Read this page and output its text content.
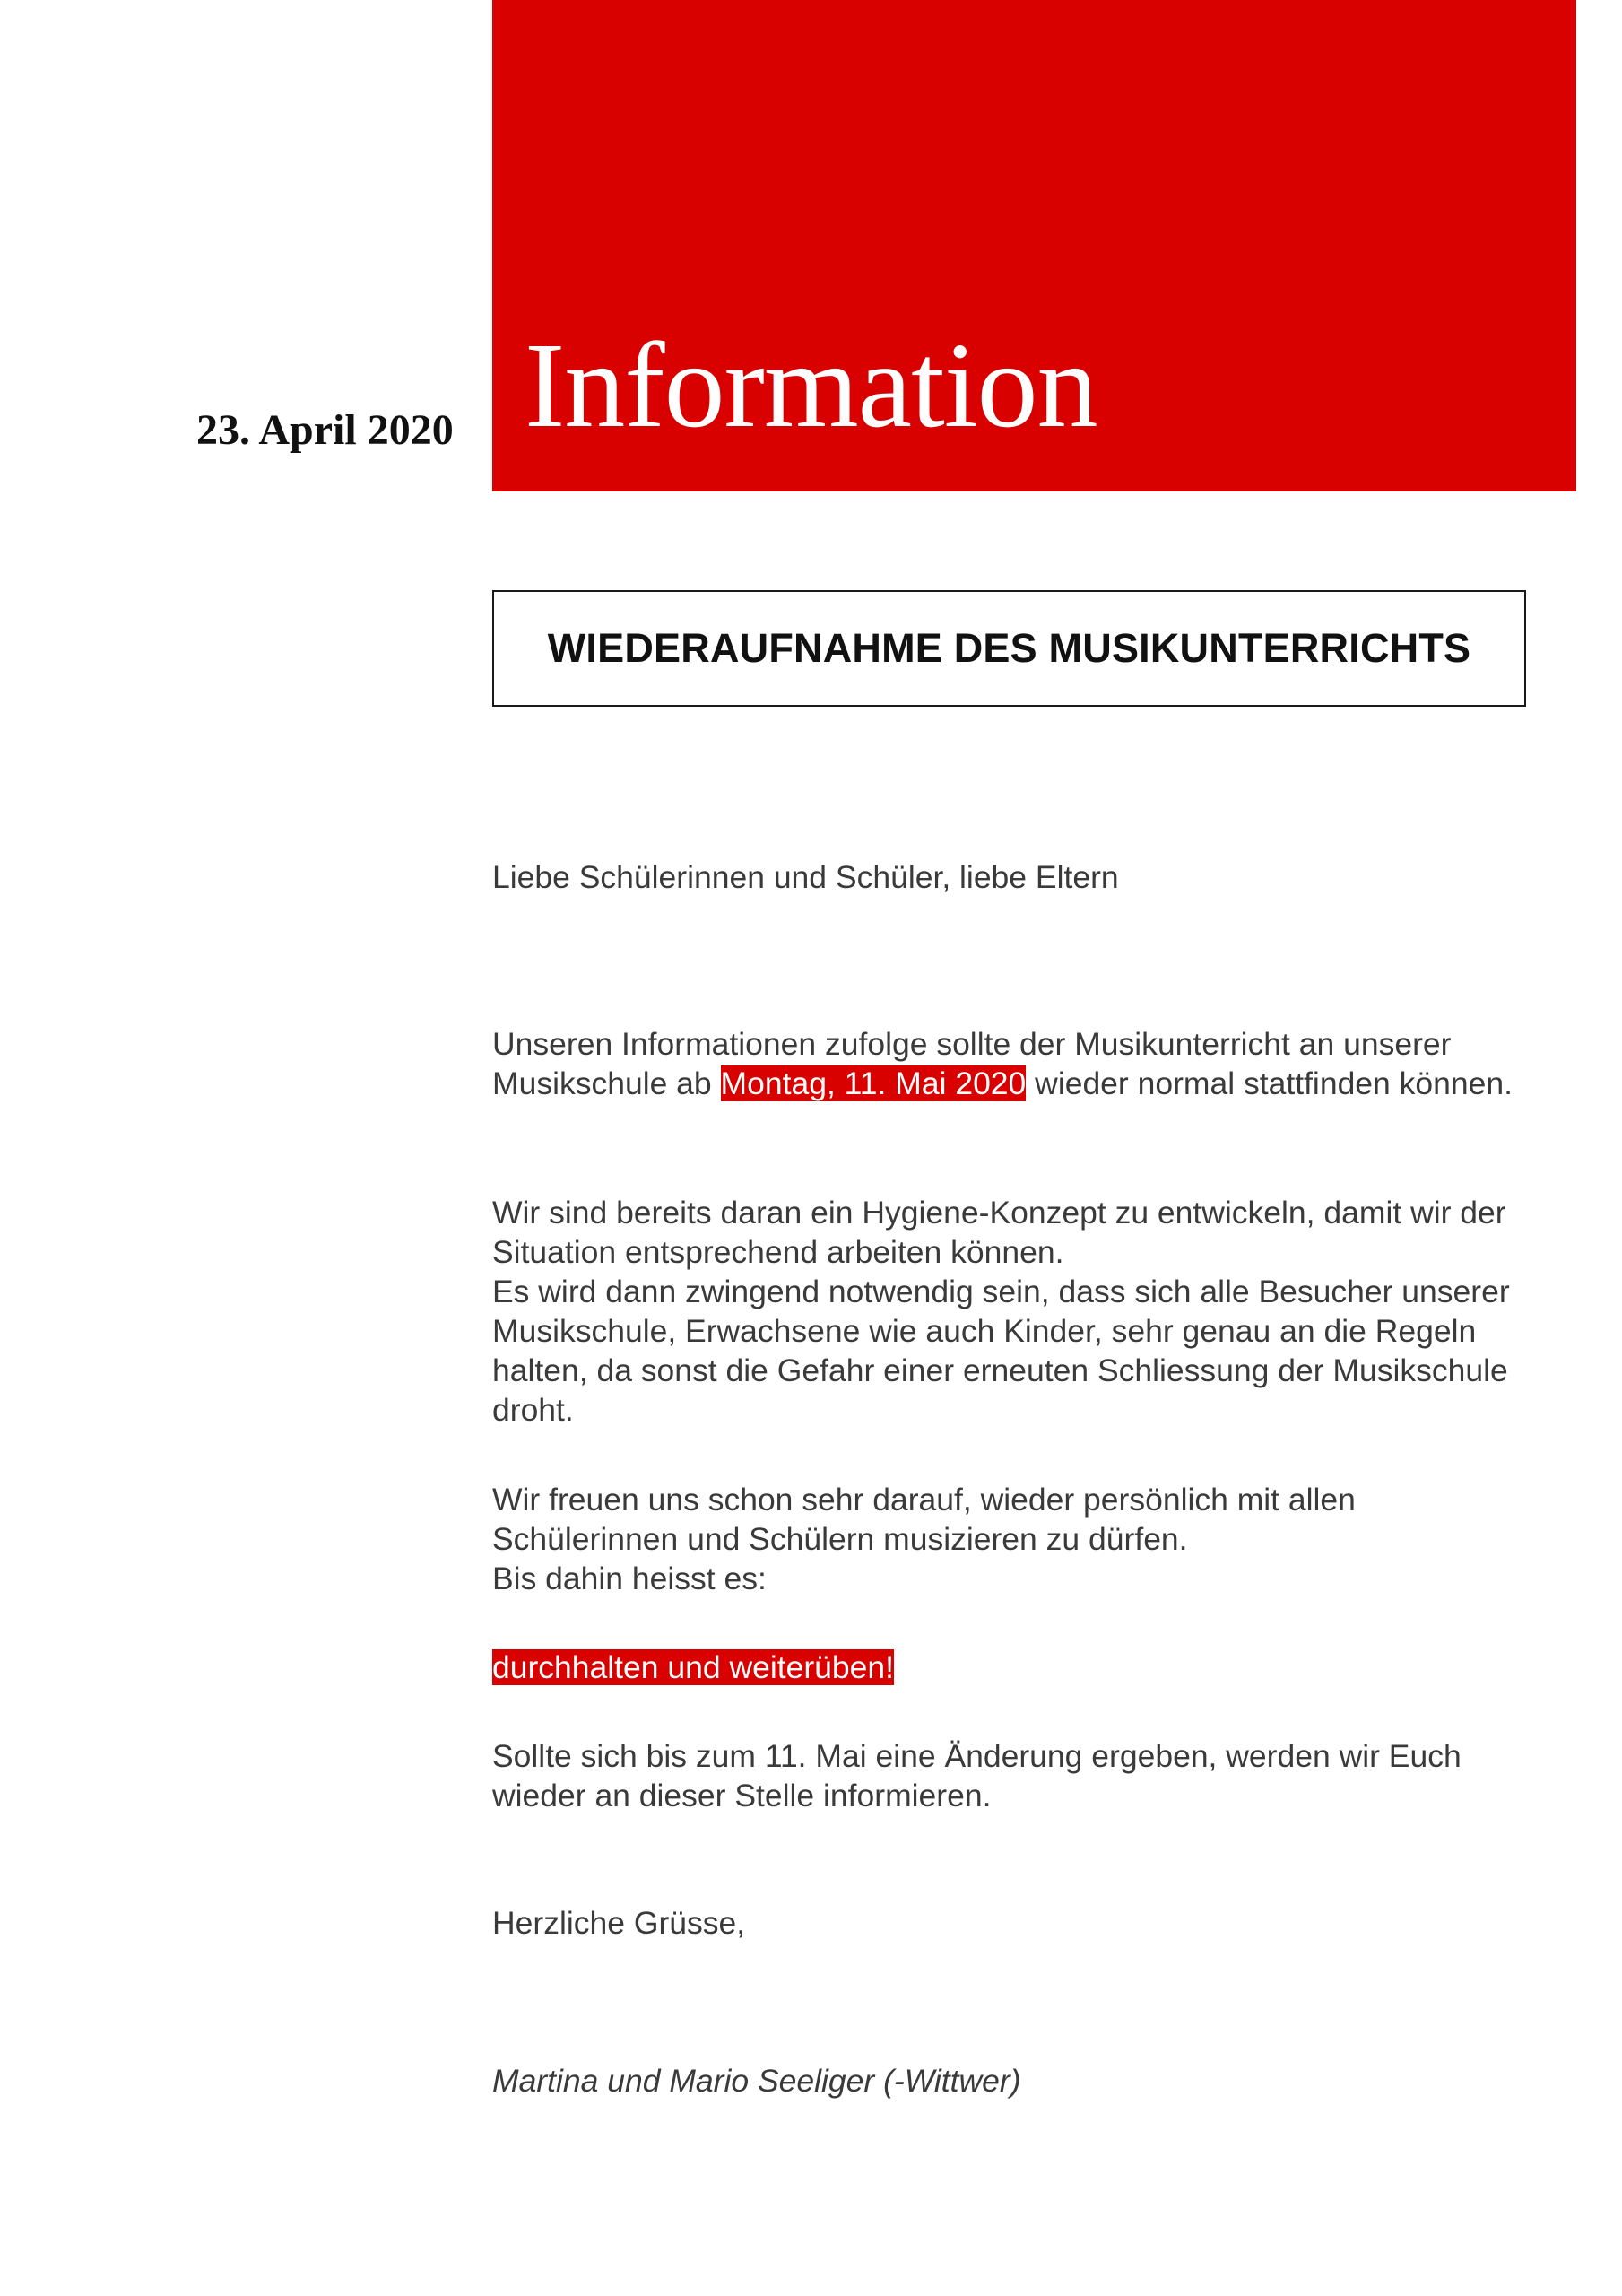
Information
23. April 2020
WIEDERAUFNAHME DES MUSIKUNTERRICHTS

Liebe Schülerinnen und Schüler, liebe Eltern

Unseren Informationen zufolge sollte der Musikunterricht an unserer Musikschule ab Montag, 11. Mai 2020 wieder normal stattfinden können.

Wir sind bereits daran ein Hygiene-Konzept zu entwickeln, damit wir der Situation entsprechend arbeiten können.
Es wird dann zwingend notwendig sein, dass sich alle Besucher unserer Musikschule, Erwachsene wie auch Kinder, sehr genau an die Regeln halten, da sonst die Gefahr einer erneuten Schliessung der Musikschule droht.
Wir freuen uns schon sehr darauf, wieder persönlich mit allen Schülerinnen und Schülern musizieren zu dürfen.
Bis dahin heisst es:

durchhalten und weiterüben!

Sollte sich bis zum 11. Mai eine Änderung ergeben, werden wir Euch wieder an dieser Stelle informieren.

Herzliche Grüsse,

Martina und Mario Seeliger (-Wittwer)
